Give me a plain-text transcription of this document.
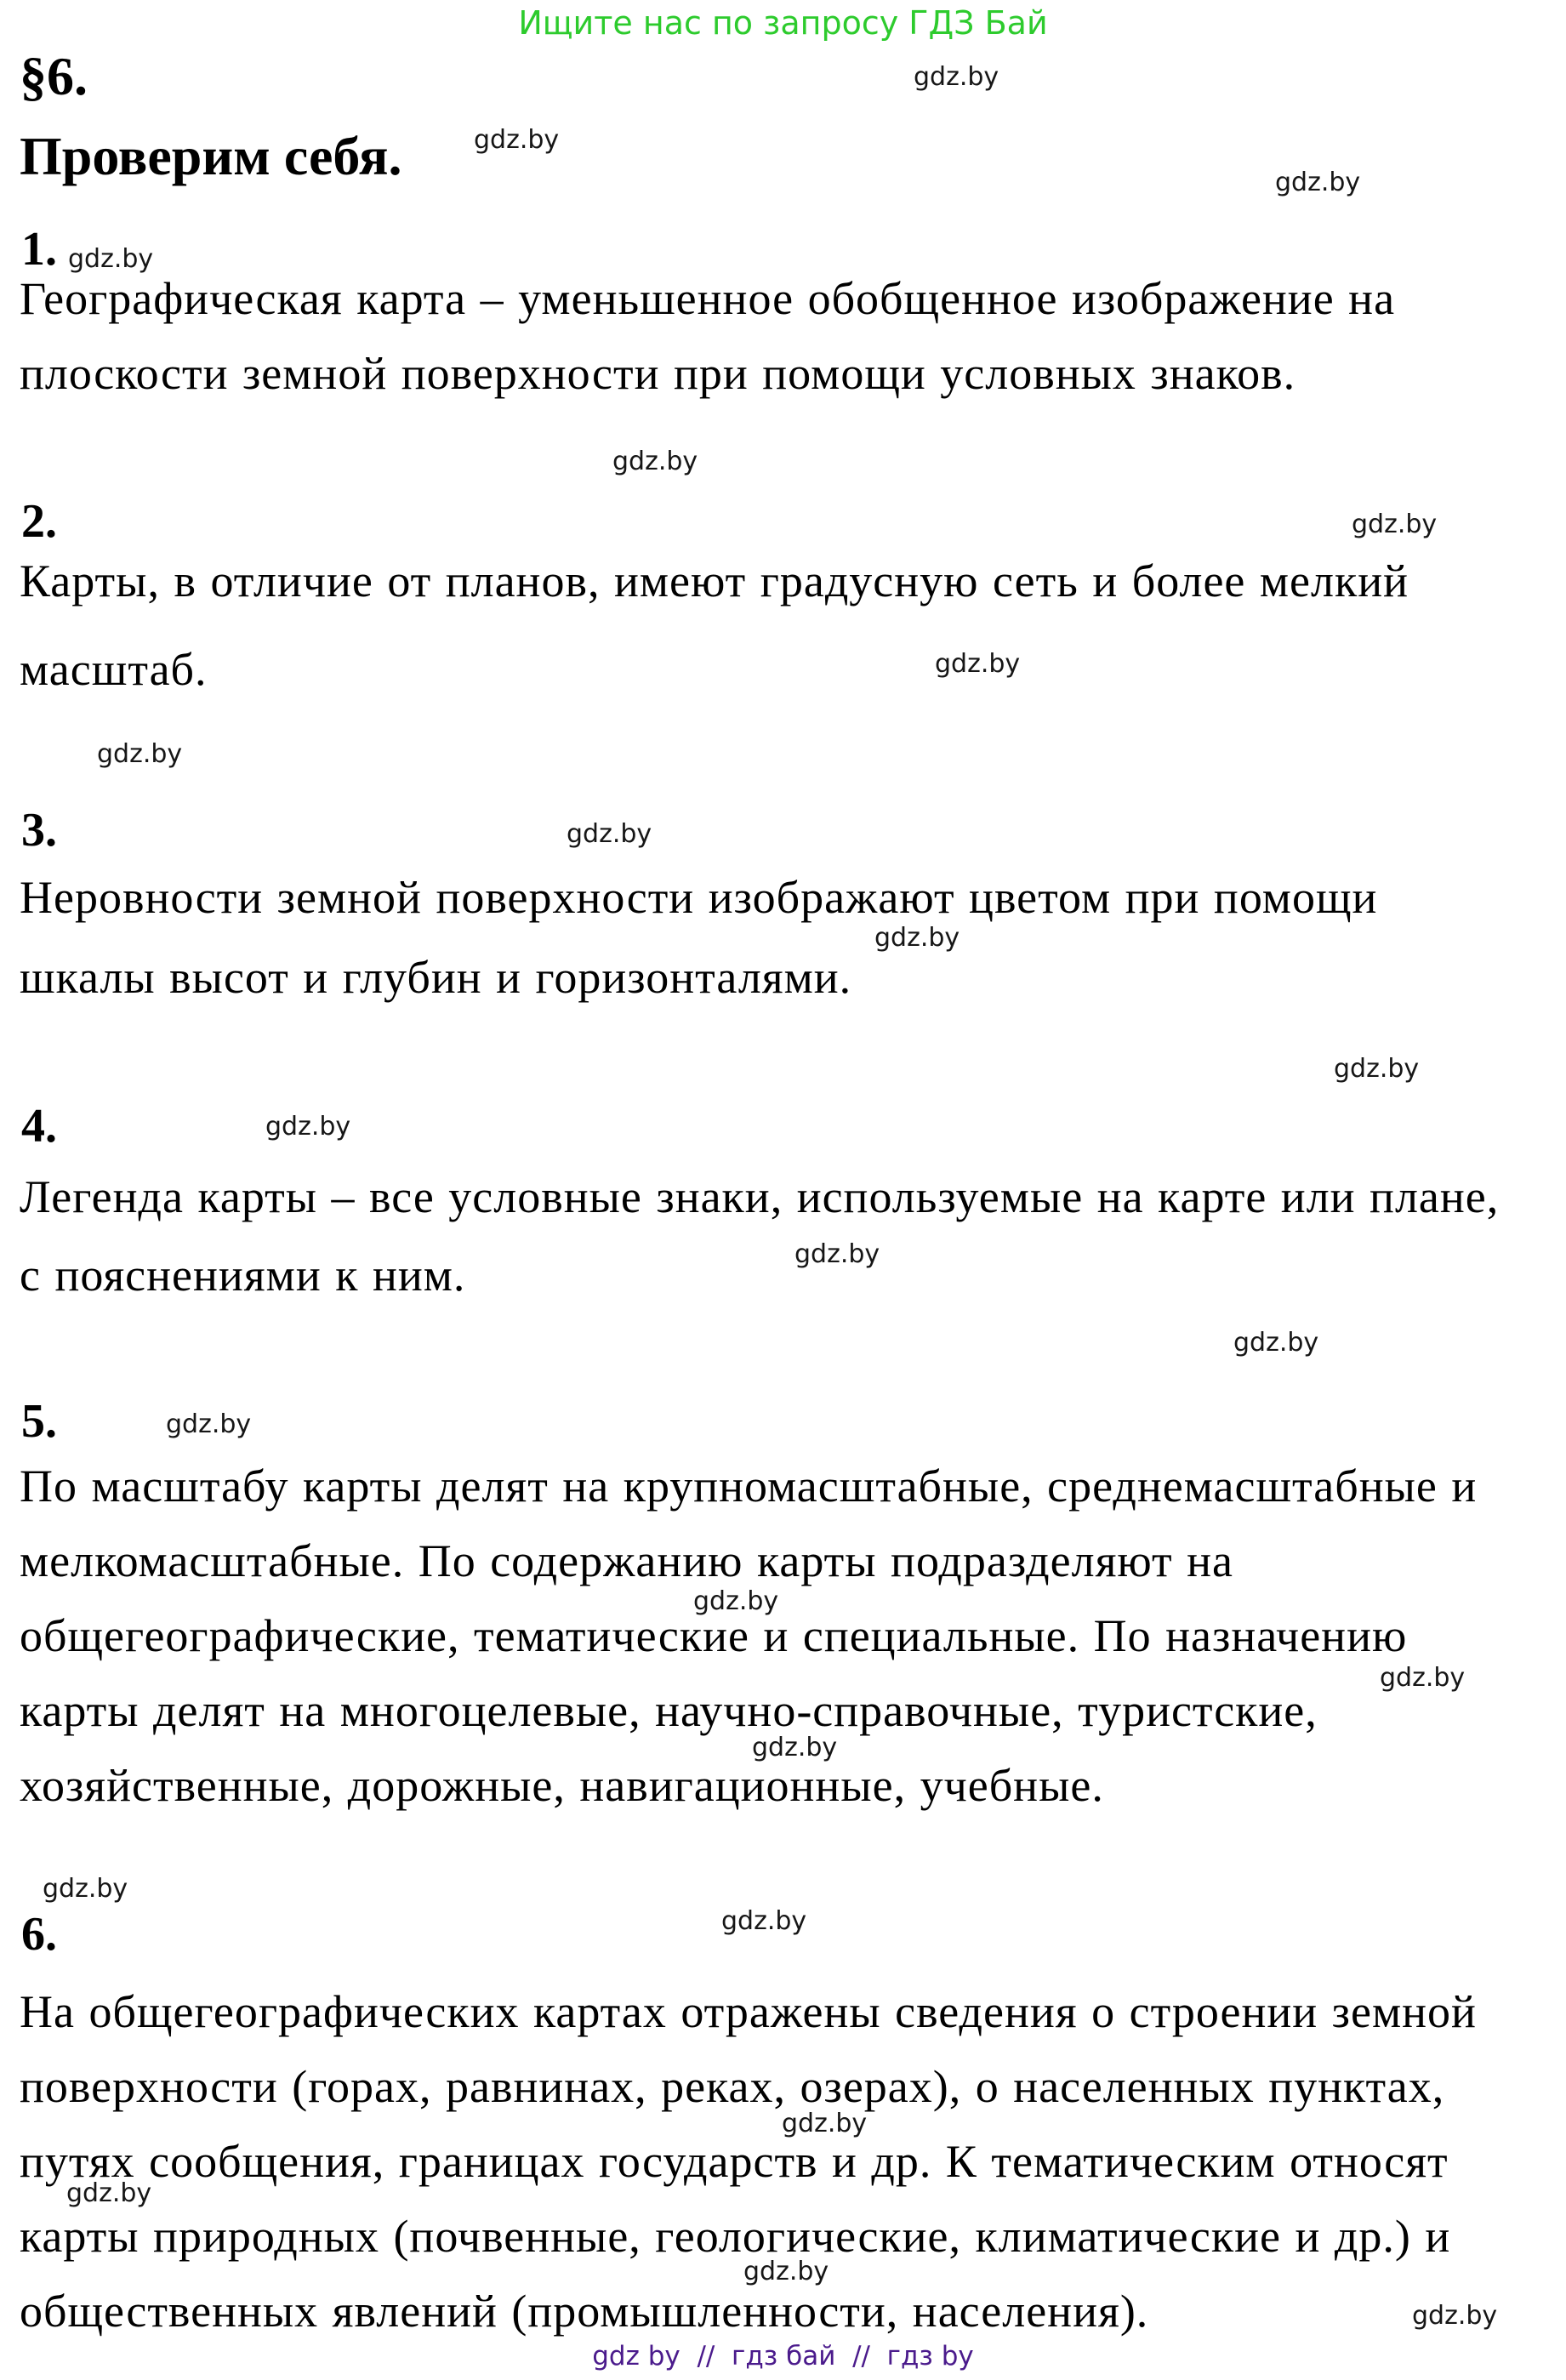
Ищите нас по запросу ГДЗ Бай
§6.
Проверим себя.
1.
2.
3.
4.
5.
6.
Географическая карта – уменьшенное обобщенное изображение на
плоскости земной поверхности при помощи условных знаков.
Карты, в отличие от планов, имеют градусную сеть и более мелкий
масштаб.
Неровности земной поверхности изображают цветом при помощи
шкалы высот и глубин и горизонталями.
Легенда карты – все условные знаки, используемые на карте или плане,
с пояснениями к ним.
По масштабу карты делят на крупномасштабные, среднемасштабные и
мелкомасштабные. По содержанию карты подразделяют на
общегеографические, тематические и специальные. По назначению
карты делят на многоцелевые, научно-справочные, туристские,
хозяйственные, дорожные, навигационные, учебные.
На общегеографических картах отражены сведения о строении земной
поверхности (горах, равнинах, реках, озерах), о населенных пунктах,
путях сообщения, границах государств и др. К тематическим относят
карты природных (почвенные, геологические, климатические и др.) и
общественных явлений (промышленности, населения).
gdz.by
gdz.by
gdz.by
gdz.by
gdz.by
gdz.by
gdz.by
gdz.by
gdz.by
gdz.by
gdz.by
gdz.by
gdz.by
gdz.by
gdz.by
gdz.by
gdz.by
gdz.by
gdz.by
gdz.by
gdz.by
gdz.by
gdz.by
gdz.by
gdz by  //  гдз бай  //  гдз by
